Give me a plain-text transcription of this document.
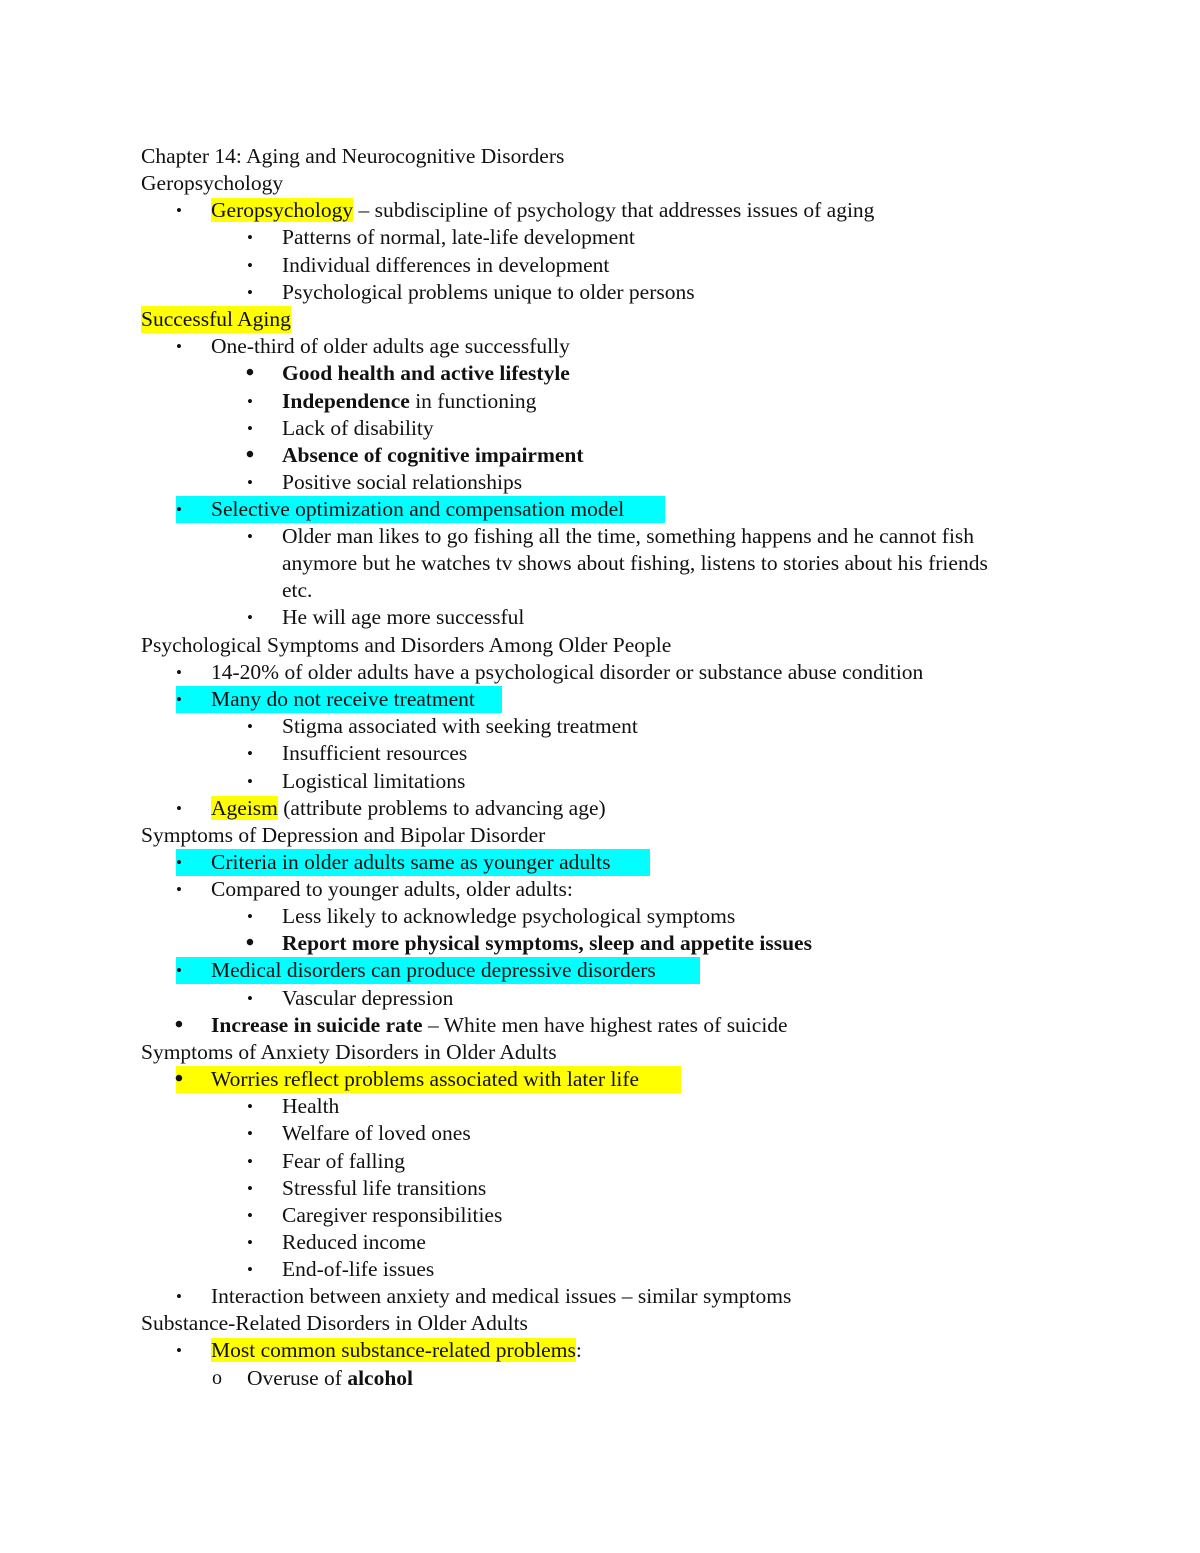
Chapter 14: Aging and Neurocognitive Disorders
Geropsychology
• Geropsychology – subdiscipline of psychology that addresses issues of aging
• Patterns of normal, late-life development
• Individual differences in development
• Psychological problems unique to older persons
Successful Aging
• One-third of older adults age successfully
• Good health and active lifestyle
• Independence in functioning
• Lack of disability
• Absence of cognitive impairment
• Positive social relationships
• Selective optimization and compensation model
• Older man likes to go fishing all the time, something happens and he cannot fish
anymore but he watches tv shows about fishing, listens to stories about his friends
etc.
• He will age more successful
Psychological Symptoms and Disorders Among Older People
• 14-20% of older adults have a psychological disorder or substance abuse condition
• Many do not receive treatment
• Stigma associated with seeking treatment
• Insufficient resources
• Logistical limitations
• Ageism (attribute problems to advancing age)
Symptoms of Depression and Bipolar Disorder
• Criteria in older adults same as younger adults
• Compared to younger adults, older adults:
• Less likely to acknowledge psychological symptoms
• Report more physical symptoms, sleep and appetite issues
• Medical disorders can produce depressive disorders
• Vascular depression
• Increase in suicide rate – White men have highest rates of suicide
Symptoms of Anxiety Disorders in Older Adults
• Worries reflect problems associated with later life
• Health
• Welfare of loved ones
• Fear of falling
• Stressful life transitions
• Caregiver responsibilities
• Reduced income
• End-of-life issues
• Interaction between anxiety and medical issues – similar symptoms
Substance-Related Disorders in Older Adults
• Most common substance-related problems:
o Overuse of alcohol
